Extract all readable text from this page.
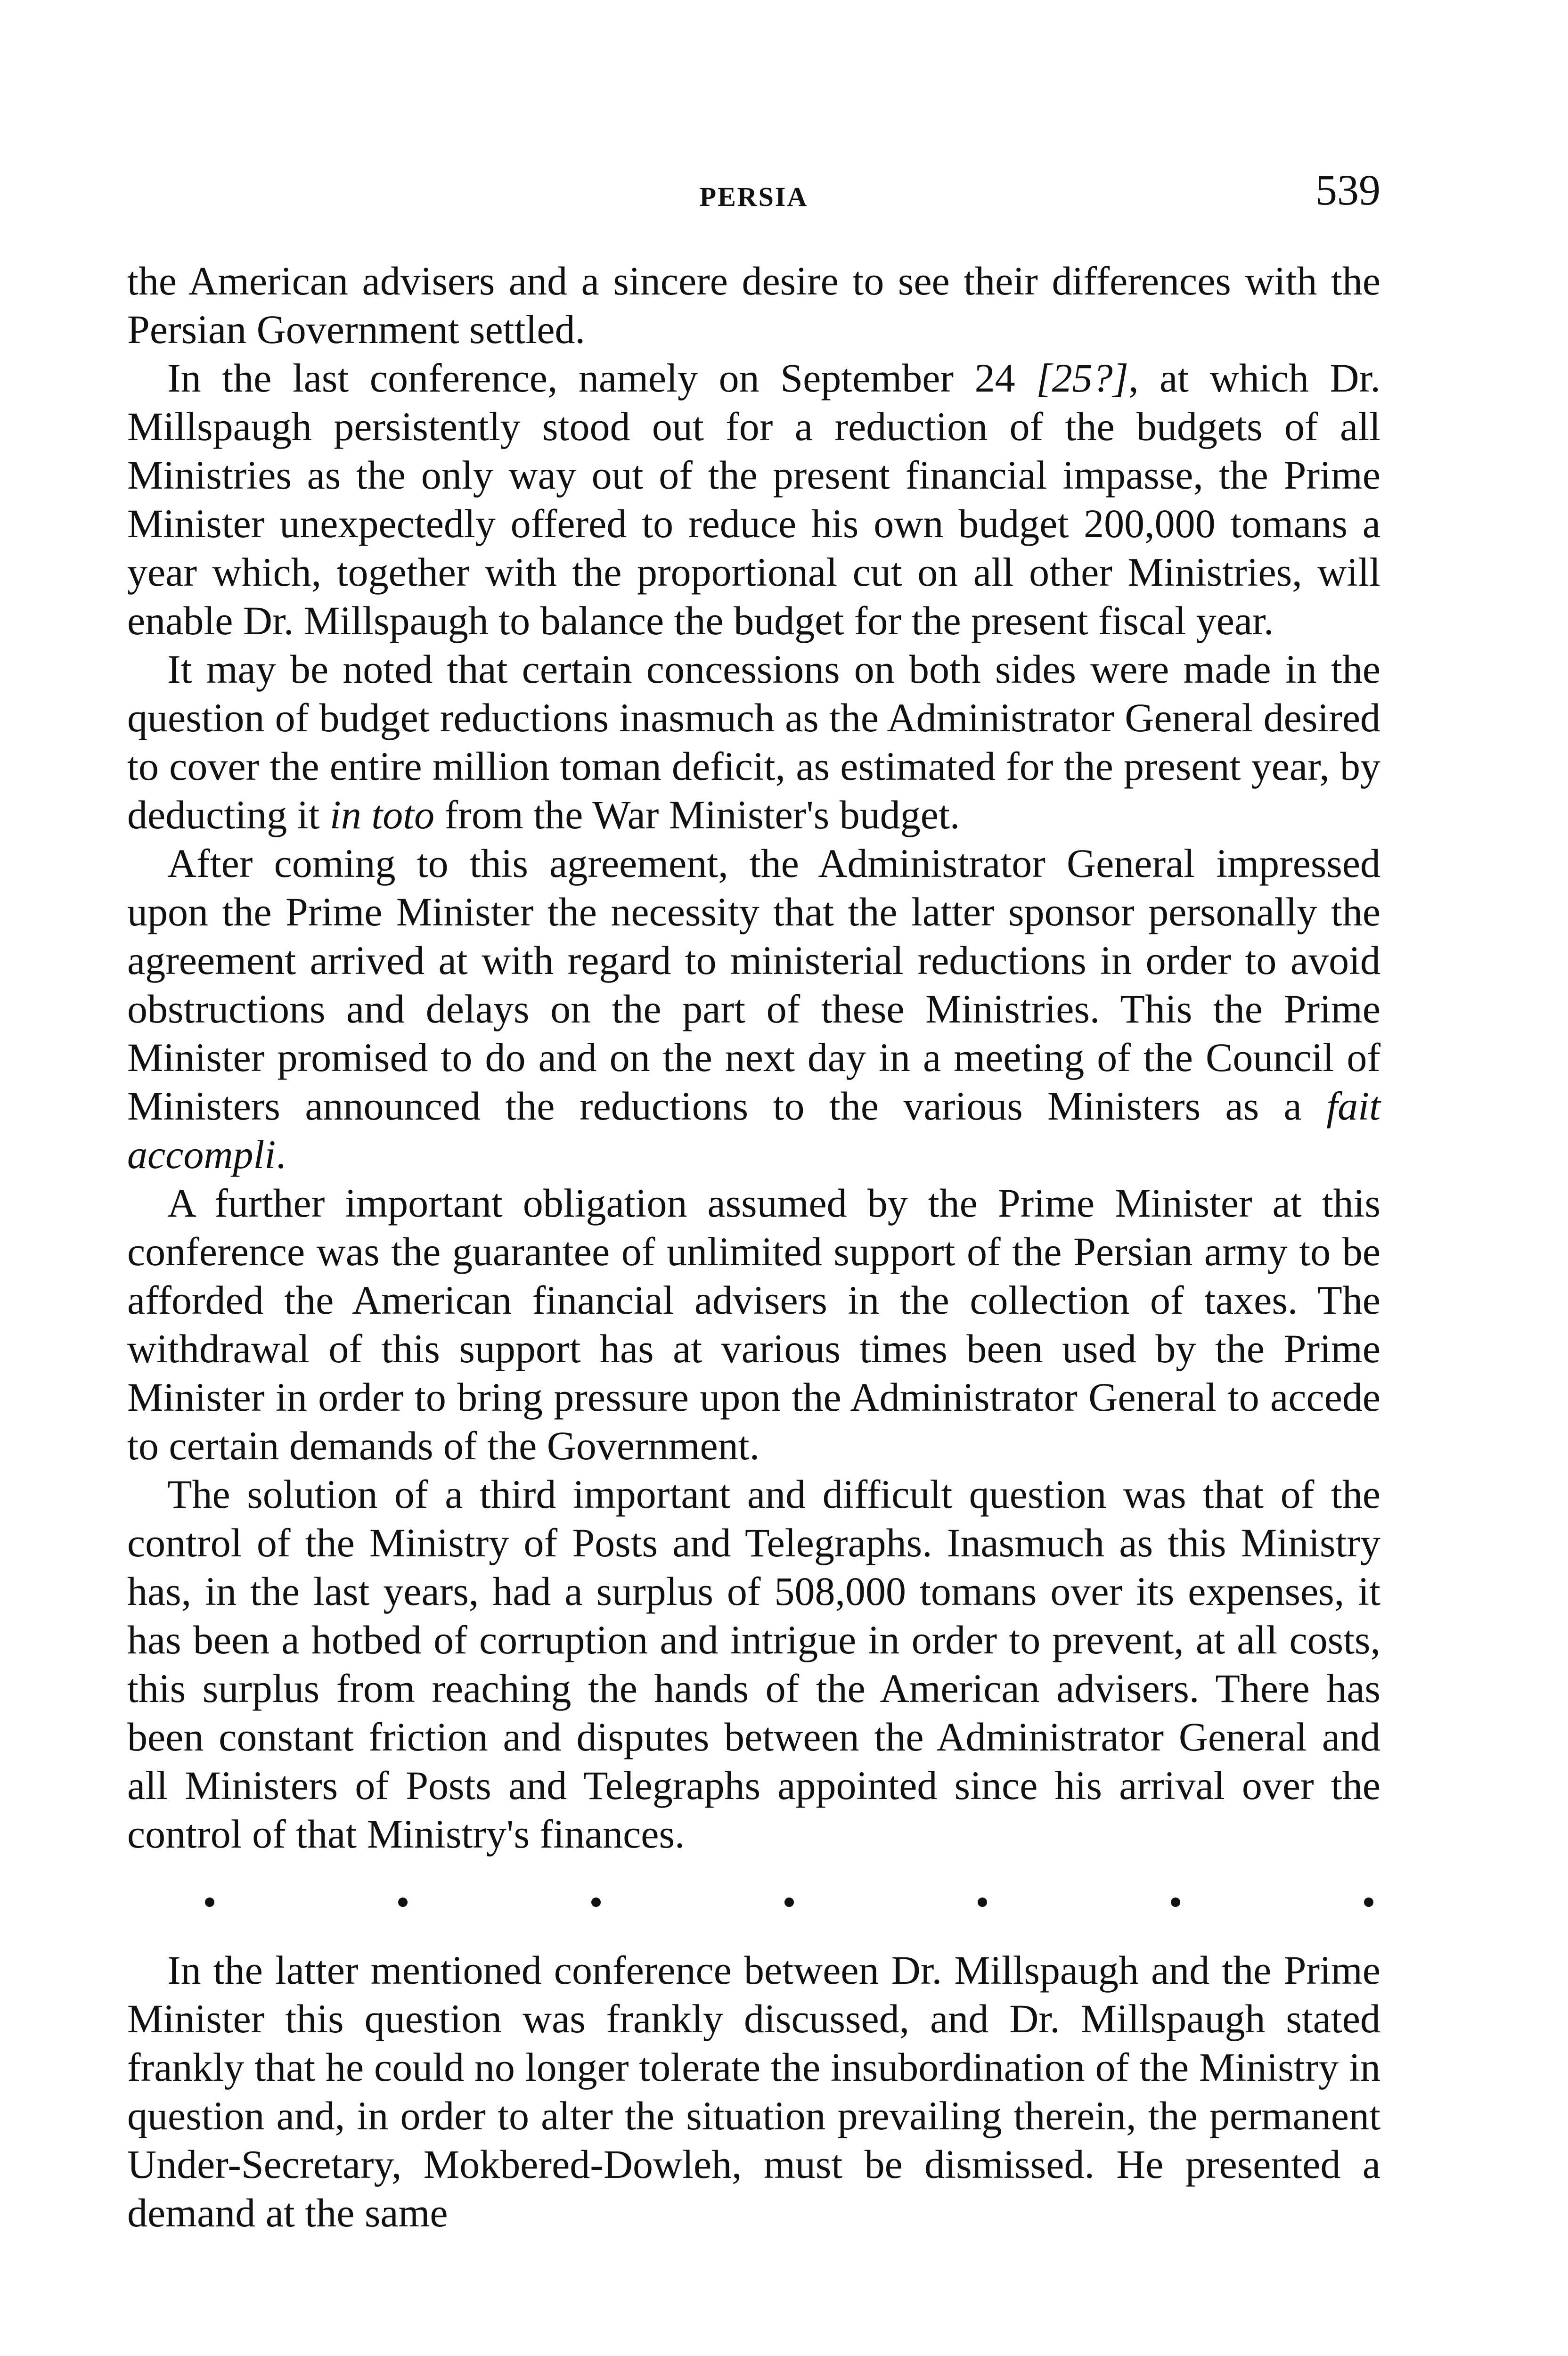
PERSIA	539

the American advisers and a sincere desire to see their differences with the Persian Government settled.

In the last conference, namely on September 24 [25?], at which Dr. Millspaugh persistently stood out for a reduction of the budgets of all Ministries as the only way out of the present financial impasse, the Prime Minister unexpectedly offered to reduce his own budget 200,000 tomans a year which, together with the proportional cut on all other Ministries, will enable Dr. Millspaugh to balance the budget for the present fiscal year.

It may be noted that certain concessions on both sides were made in the question of budget reductions inasmuch as the Administrator General desired to cover the entire million toman deficit, as estimated for the present year, by deducting it in toto from the War Minister's budget.

After coming to this agreement, the Administrator General impressed upon the Prime Minister the necessity that the latter sponsor personally the agreement arrived at with regard to ministerial reductions in order to avoid obstructions and delays on the part of these Ministries. This the Prime Minister promised to do and on the next day in a meeting of the Council of Ministers announced the reductions to the various Ministers as a fait accompli.

A further important obligation assumed by the Prime Minister at this conference was the guarantee of unlimited support of the Persian army to be afforded the American financial advisers in the collection of taxes. The withdrawal of this support has at various times been used by the Prime Minister in order to bring pressure upon the Administrator General to accede to certain demands of the Government.

The solution of a third important and difficult question was that of the control of the Ministry of Posts and Telegraphs. Inasmuch as this Ministry has, in the last years, had a surplus of 508,000 tomans over its expenses, it has been a hotbed of corruption and intrigue in order to prevent, at all costs, this surplus from reaching the hands of the American advisers. There has been constant friction and disputes between the Administrator General and all Ministers of Posts and Telegraphs appointed since his arrival over the control of that Ministry's finances.

In the latter mentioned conference between Dr. Millspaugh and the Prime Minister this question was frankly discussed, and Dr. Millspaugh stated frankly that he could no longer tolerate the insubordination of the Ministry in question and, in order to alter the situation prevailing therein, the permanent Under-Secretary, Mokbered-Dowleh, must be dismissed. He presented a demand at the same
